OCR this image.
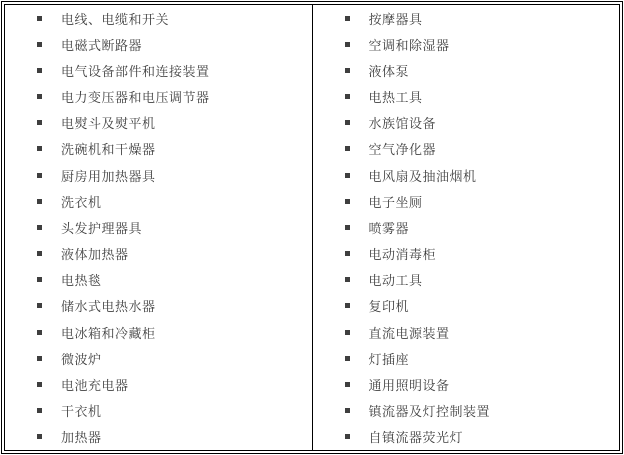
电线、电缆和开关
电磁式断路器
电气设备部件和连接装置
电力变压器和电压调节器
电熨斗及熨平机
洗碗机和干燥器
厨房用加热器具
洗衣机
头发护理器具
液体加热器
电热毯
储水式电热水器
电冰箱和冷藏柜
微波炉
电池充电器
干衣机
加热器

按摩器具
空调和除湿器
液体泵
电热工具
水族馆设备
空气净化器
电风扇及抽油烟机
电子坐厕
喷雾器
电动消毒柜
电动工具
复印机
直流电源装置
灯插座
通用照明设备
镇流器及灯控制装置
自镇流器荧光灯
